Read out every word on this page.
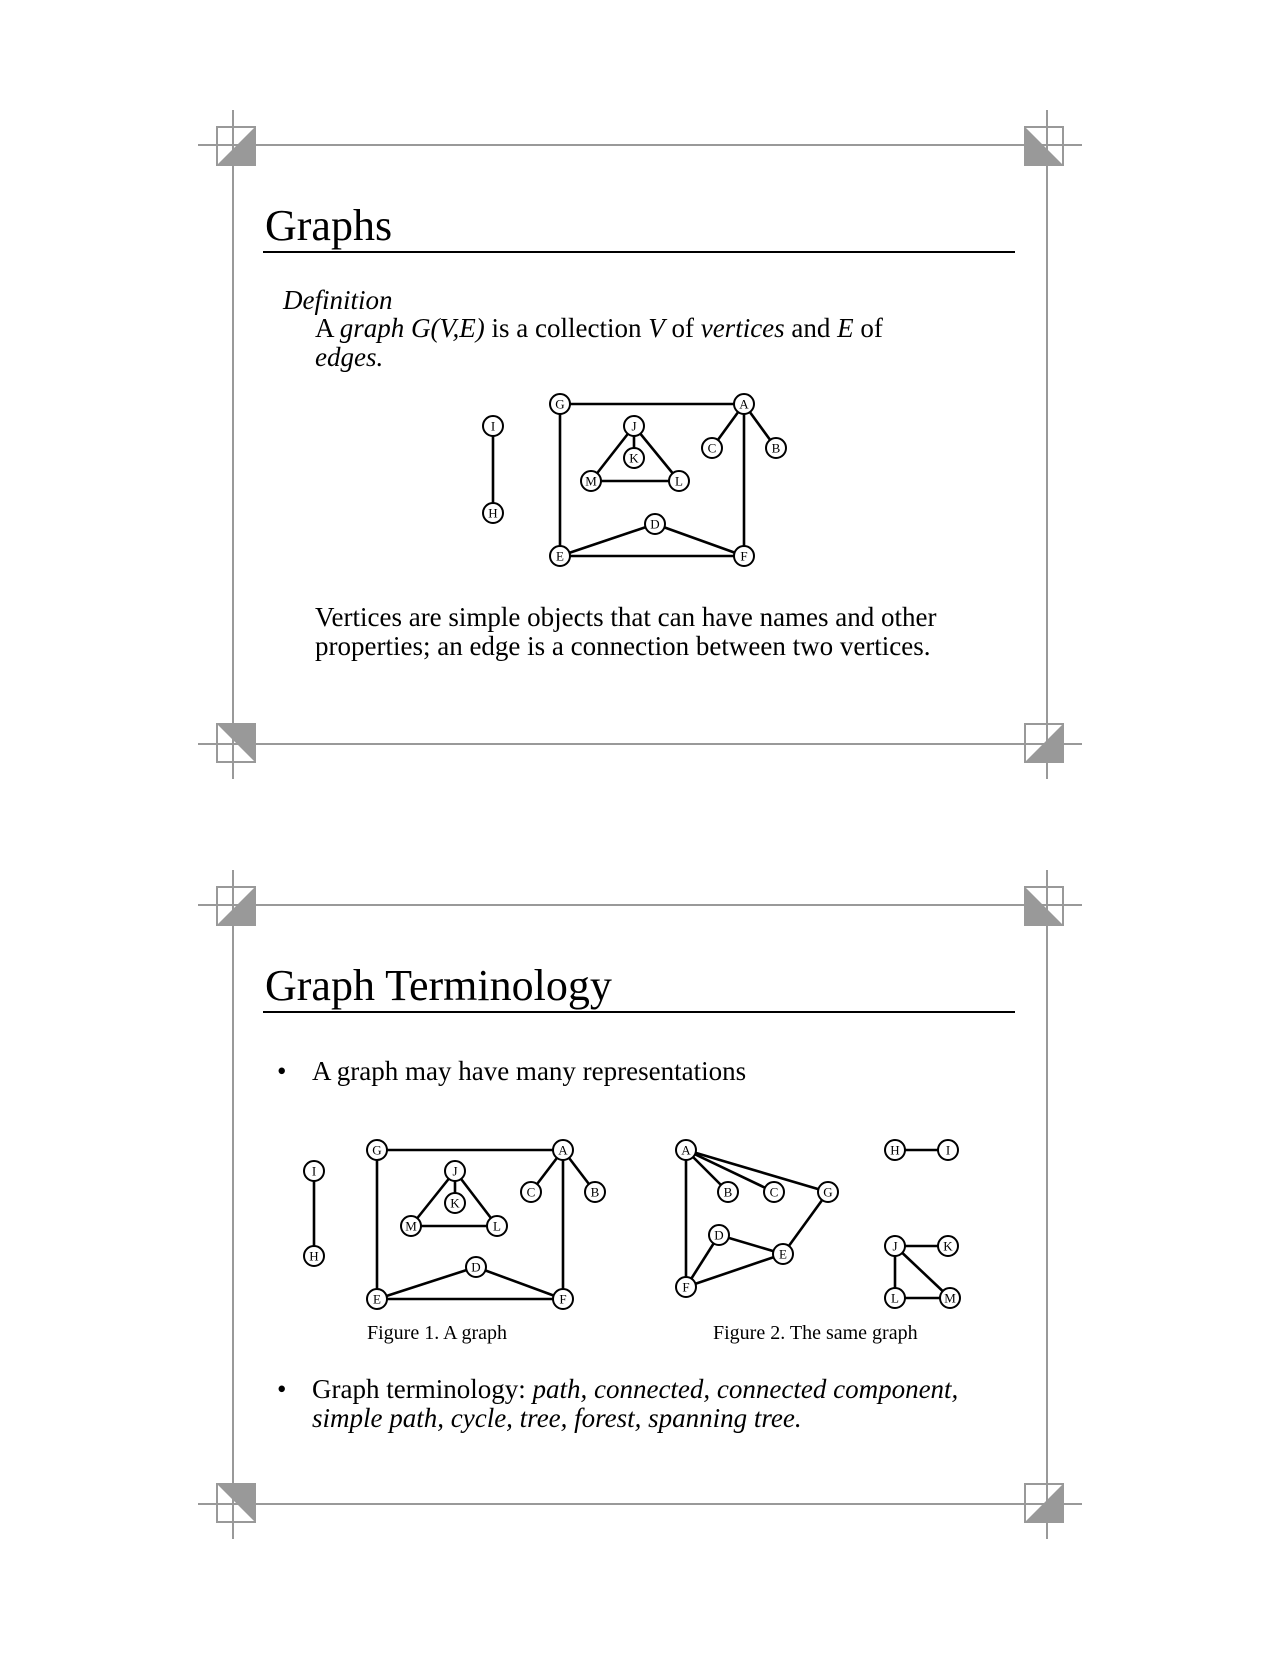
Graphs
Definition
A graph G(V,E) is a collection V of vertices and E of
edges.
I
H
G	A
J
K
C	B
M	L
D
E	F
Vertices are simple objects that can have names and other
properties; an edge is a connection between two vertices.
Graph Terminology
• A graph may have many representations
I
H
G	A
J
K
C	B
M	L
D
E	F
A
B	C	G
D
E
F
H	I
J	K
L	M
Figure 1. A graph	Figure 2. The same graph
• Graph terminology: path, connected, connected component,
simple path, cycle, tree, forest, spanning tree.
